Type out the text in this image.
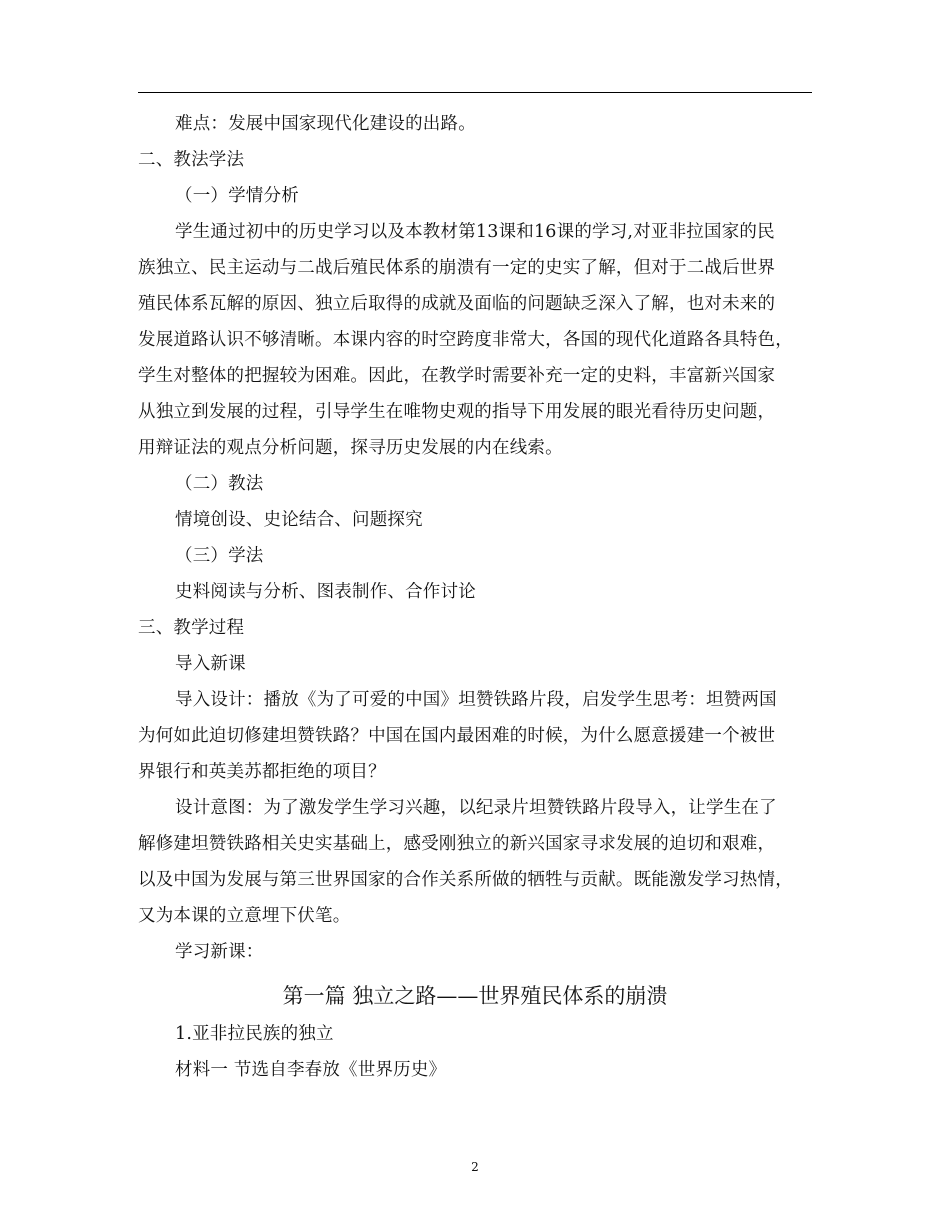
难点：发展中国家现代化建设的出路。
二、教法学法
（一）学情分析
学生通过初中的历史学习以及本教材第13课和16课的学习,对亚非拉国家的民
族独立、民主运动与二战后殖民体系的崩溃有一定的史实了解，但对于二战后世界
殖民体系瓦解的原因、独立后取得的成就及面临的问题缺乏深入了解，也对未来的
发展道路认识不够清晰。本课内容的时空跨度非常大，各国的现代化道路各具特色，
学生对整体的把握较为困难。因此，在教学时需要补充一定的史料，丰富新兴国家
从独立到发展的过程，引导学生在唯物史观的指导下用发展的眼光看待历史问题，
用辩证法的观点分析问题，探寻历史发展的内在线索。
（二）教法
情境创设、史论结合、问题探究
（三）学法
史料阅读与分析、图表制作、合作讨论
三、教学过程
导入新课
导入设计：播放《为了可爱的中国》坦赞铁路片段，启发学生思考：坦赞两国
为何如此迫切修建坦赞铁路？中国在国内最困难的时候，为什么愿意援建一个被世
界银行和英美苏都拒绝的项目？
设计意图：为了激发学生学习兴趣，以纪录片坦赞铁路片段导入，让学生在了
解修建坦赞铁路相关史实基础上，感受刚独立的新兴国家寻求发展的迫切和艰难，
以及中国为发展与第三世界国家的合作关系所做的牺牲与贡献。既能激发学习热情，
又为本课的立意埋下伏笔。
学习新课：
第一篇 独立之路——世界殖民体系的崩溃
1.亚非拉民族的独立
材料一 节选自李春放《世界历史》
2
